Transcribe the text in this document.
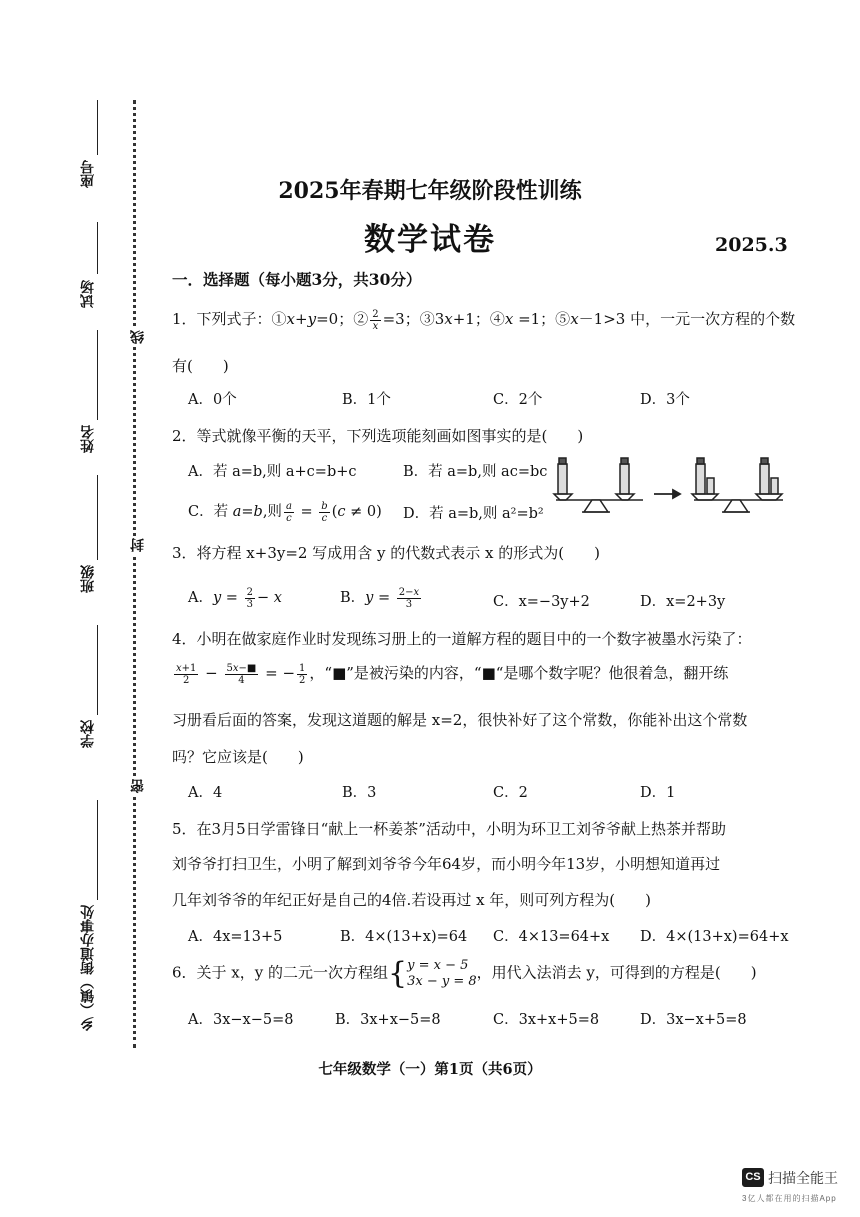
座号
试场
姓名
班级
学校
乡（镇）街道办事处
线
封
密
2025年春期七年级阶段性训练
数学试卷	2025.3
一．选择题（每小题3分，共30分）
1．下列式子：①x+y=0；② $\frac{2}{x} =3$；③3x+1；④x =1；⑤x－1>3 中，一元一次方程的个数
有(　　)
A．0个	B．1个	C．2个	D．3个
2．等式就像平衡的天平，下列选项能刻画如图事实的是(　　)
A．若 a=b,则 a+c=b+c	B．若 a=b,则 ac=bc
C．若 a=b,则 $\frac{a}{c} = \frac{b}{c} (c \ne 0)$ D．若 a=b,则 a²=b²
3．将方程 x+3y=2 写成用含 y 的代数式表示 x 的形式为(　　)
A．$y = \frac{2}{3} - x$	B．$y = \frac{2-x}{3}$	C．x=−3y+2	D．x=2+3y
4．小明在做家庭作业时发现练习册上的一道解方程的题目中的一个数字被墨水污染了：
$\frac{x+1}{2} - \frac{5x-■}{4}$ = − $\frac{1}{2}$ ，“■”是被污染的内容，“■“是哪个数字呢？他很着急，翻开练
习册看后面的答案，发现这道题的解是 x=2，很快补好了这个常数，你能补出这个常数
吗？它应该是(　　)
A．4	B．3	C．2	D．1
5．在3月5日学雷锋日“献上一杯姜茶”活动中，小明为环卫工刘爷爷献上热茶并帮助
刘爷爷打扫卫生，小明了解到刘爷爷今年64岁，而小明今年13岁，小明想知道再过
几年刘爷爷的年纪正好是自己的4倍.若设再过 x 年，则可列方程为(　　)
A．4x=13+5	B．4×(13+x)=64 C．4×13=64+x D．4×(13+x)=64+x
6．关于 x，y 的二元一次方程组{ y = x − 5
3x − y = 8 ，用代入法消去 y，可得到的方程是(　　)
A．3x−x−5=8	B．3x+x−5=8	C．3x+x+5=8	D．3x−x+5=8
七年级数学（一）第1页（共6页）
CS 扫描全能王
3亿人都在用的扫描App
